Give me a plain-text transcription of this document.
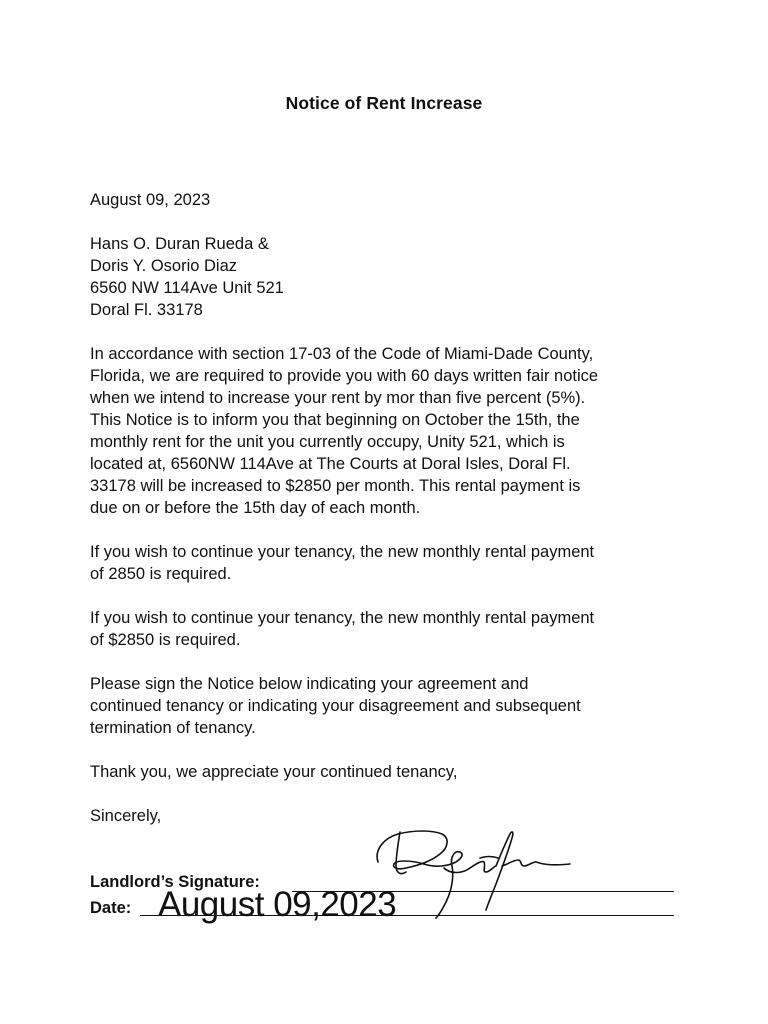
Notice of Rent Increase
August 09, 2023
Hans O. Duran Rueda &
Doris Y. Osorio Diaz
6560 NW 114Ave Unit 521
Doral Fl. 33178
In accordance with section 17-03 of the Code of Miami-Dade County,
Florida, we are required to provide you with 60 days written fair notice
when we intend to increase your rent by mor than five percent (5%).
This Notice is to inform you that beginning on October the 15th, the
monthly rent for the unit you currently occupy, Unity 521, which is
located at, 6560NW 114Ave at The Courts at Doral Isles, Doral Fl.
33178 will be increased to $2850 per month. This rental payment is
due on or before the 15th day of each month.
If you wish to continue your tenancy, the new monthly rental payment
of 2850 is required.
If you wish to continue your tenancy, the new monthly rental payment
of $2850 is required.
Please sign the Notice below indicating your agreement and
continued tenancy or indicating your disagreement and subsequent
termination of tenancy.
Thank you, we appreciate your continued tenancy,
Sincerely,
Landlord’s Signature:
Date: August 09,2023
